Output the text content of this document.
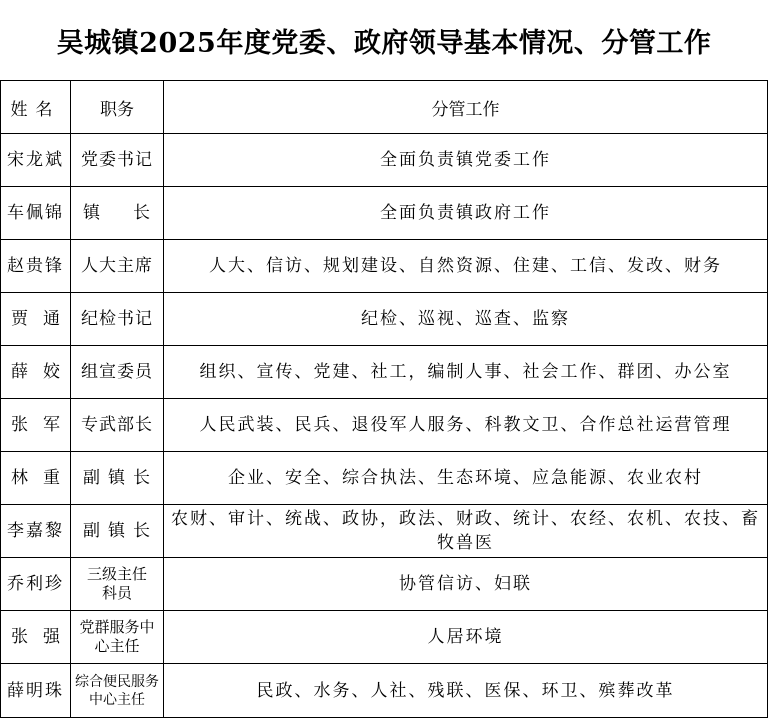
吴城镇2025年度党委、政府领导基本情况、分管工作
姓名	职务	分管工作
宋龙斌	党委书记	全面负责镇党委工作
车佩锦	镇 长	全面负责镇政府工作
赵贵锋	人大主席	人大、信访、规划建设、自然资源、住建、工信、发改、财务

贾 通	纪检书记	纪检、巡视、巡查、监察

薛 姣	组宣委员	组织、宣传、党建、社工，编制人事、社会工作、群团、办公室

张 军	专武部长	人民武装、民兵、退役军人服务、科教文卫、合作总社运营管理

林 重	副 镇 长	企业、安全、综合执法、生态环境、应急能源、农业农村
李嘉黎	副 镇 长	农财、审计、统战、政协，政法、财政、统计、农经、农机、农技、畜牧兽医
乔利珍	三级主任科员	协管信访、妇联

张 强	党群服务中心主任	人居环境
薛明珠	综合便民服务中心主任	民政、水务、人社、残联、医保、环卫、殡葬改革
